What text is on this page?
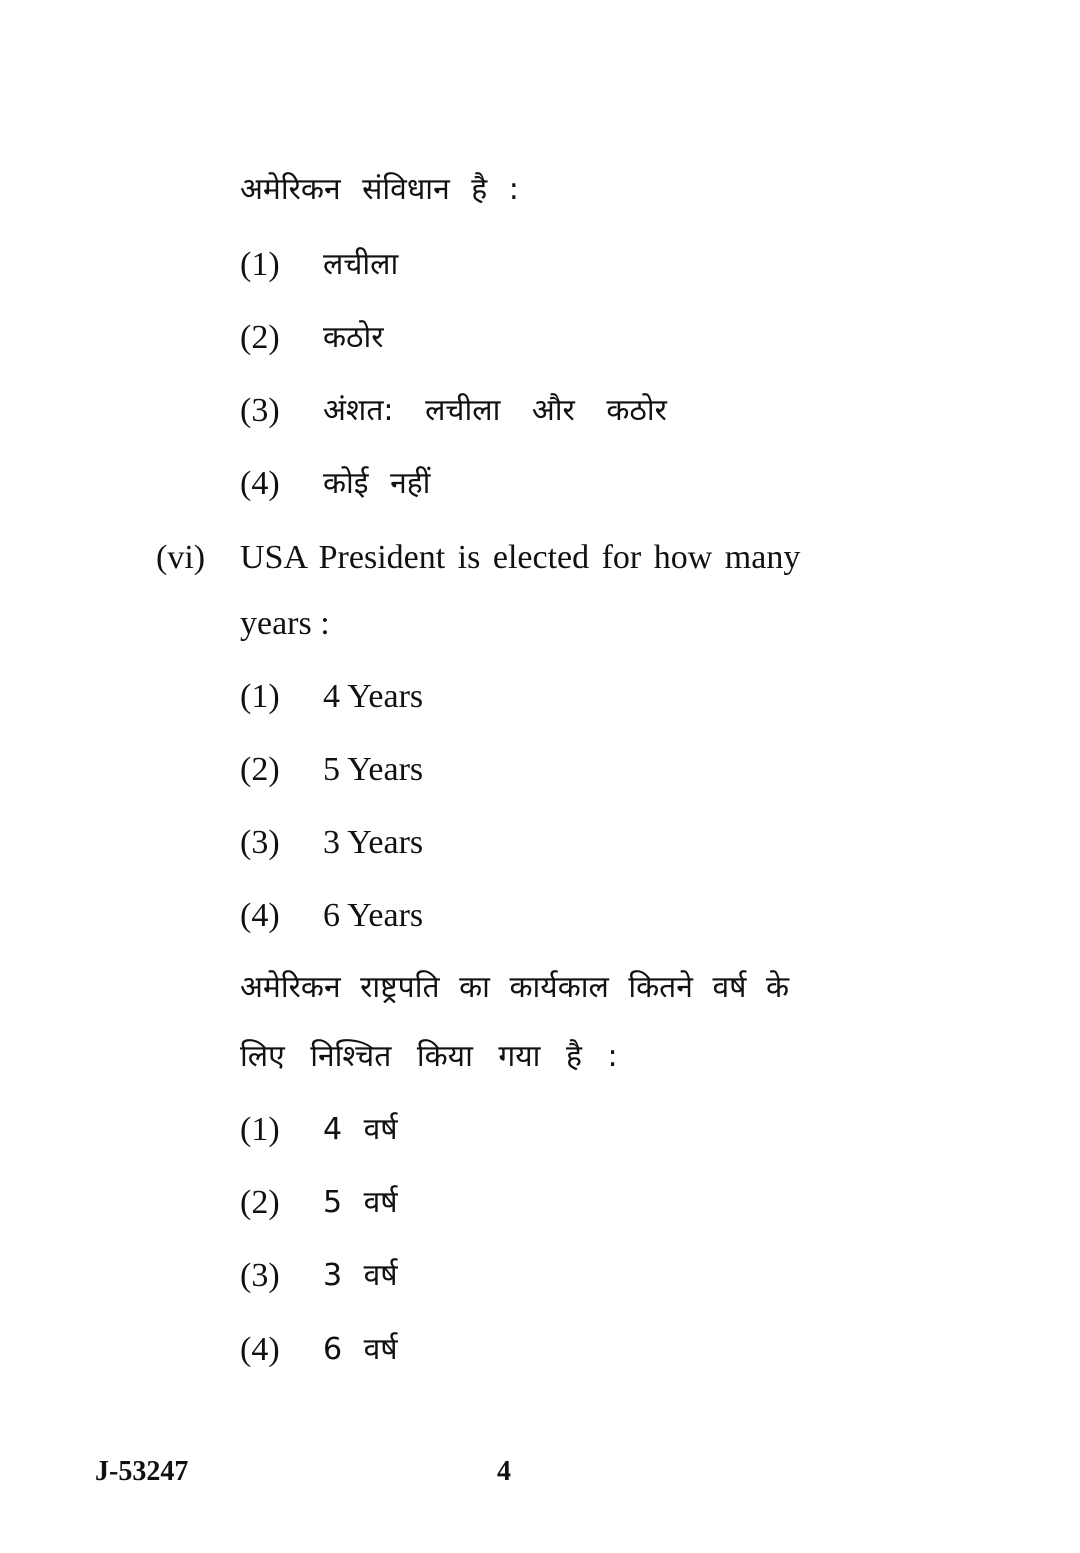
अमेरिकन संविधान है :
(1) लचीला
(2) कठोर
(3) अंशत: लचीला और कठोर
(4) कोई नहीं
(vi) USA President is elected for how many
years :
(1) 4 Years
(2) 5 Years
(3) 3 Years
(4) 6 Years
अमेरिकन राष्ट्रपति का कार्यकाल कितने वर्ष के
लिए निश्चित किया गया है :
(1) 4 वर्ष
(2) 5 वर्ष
(3) 3 वर्ष
(4) 6 वर्ष
J-53247	4
